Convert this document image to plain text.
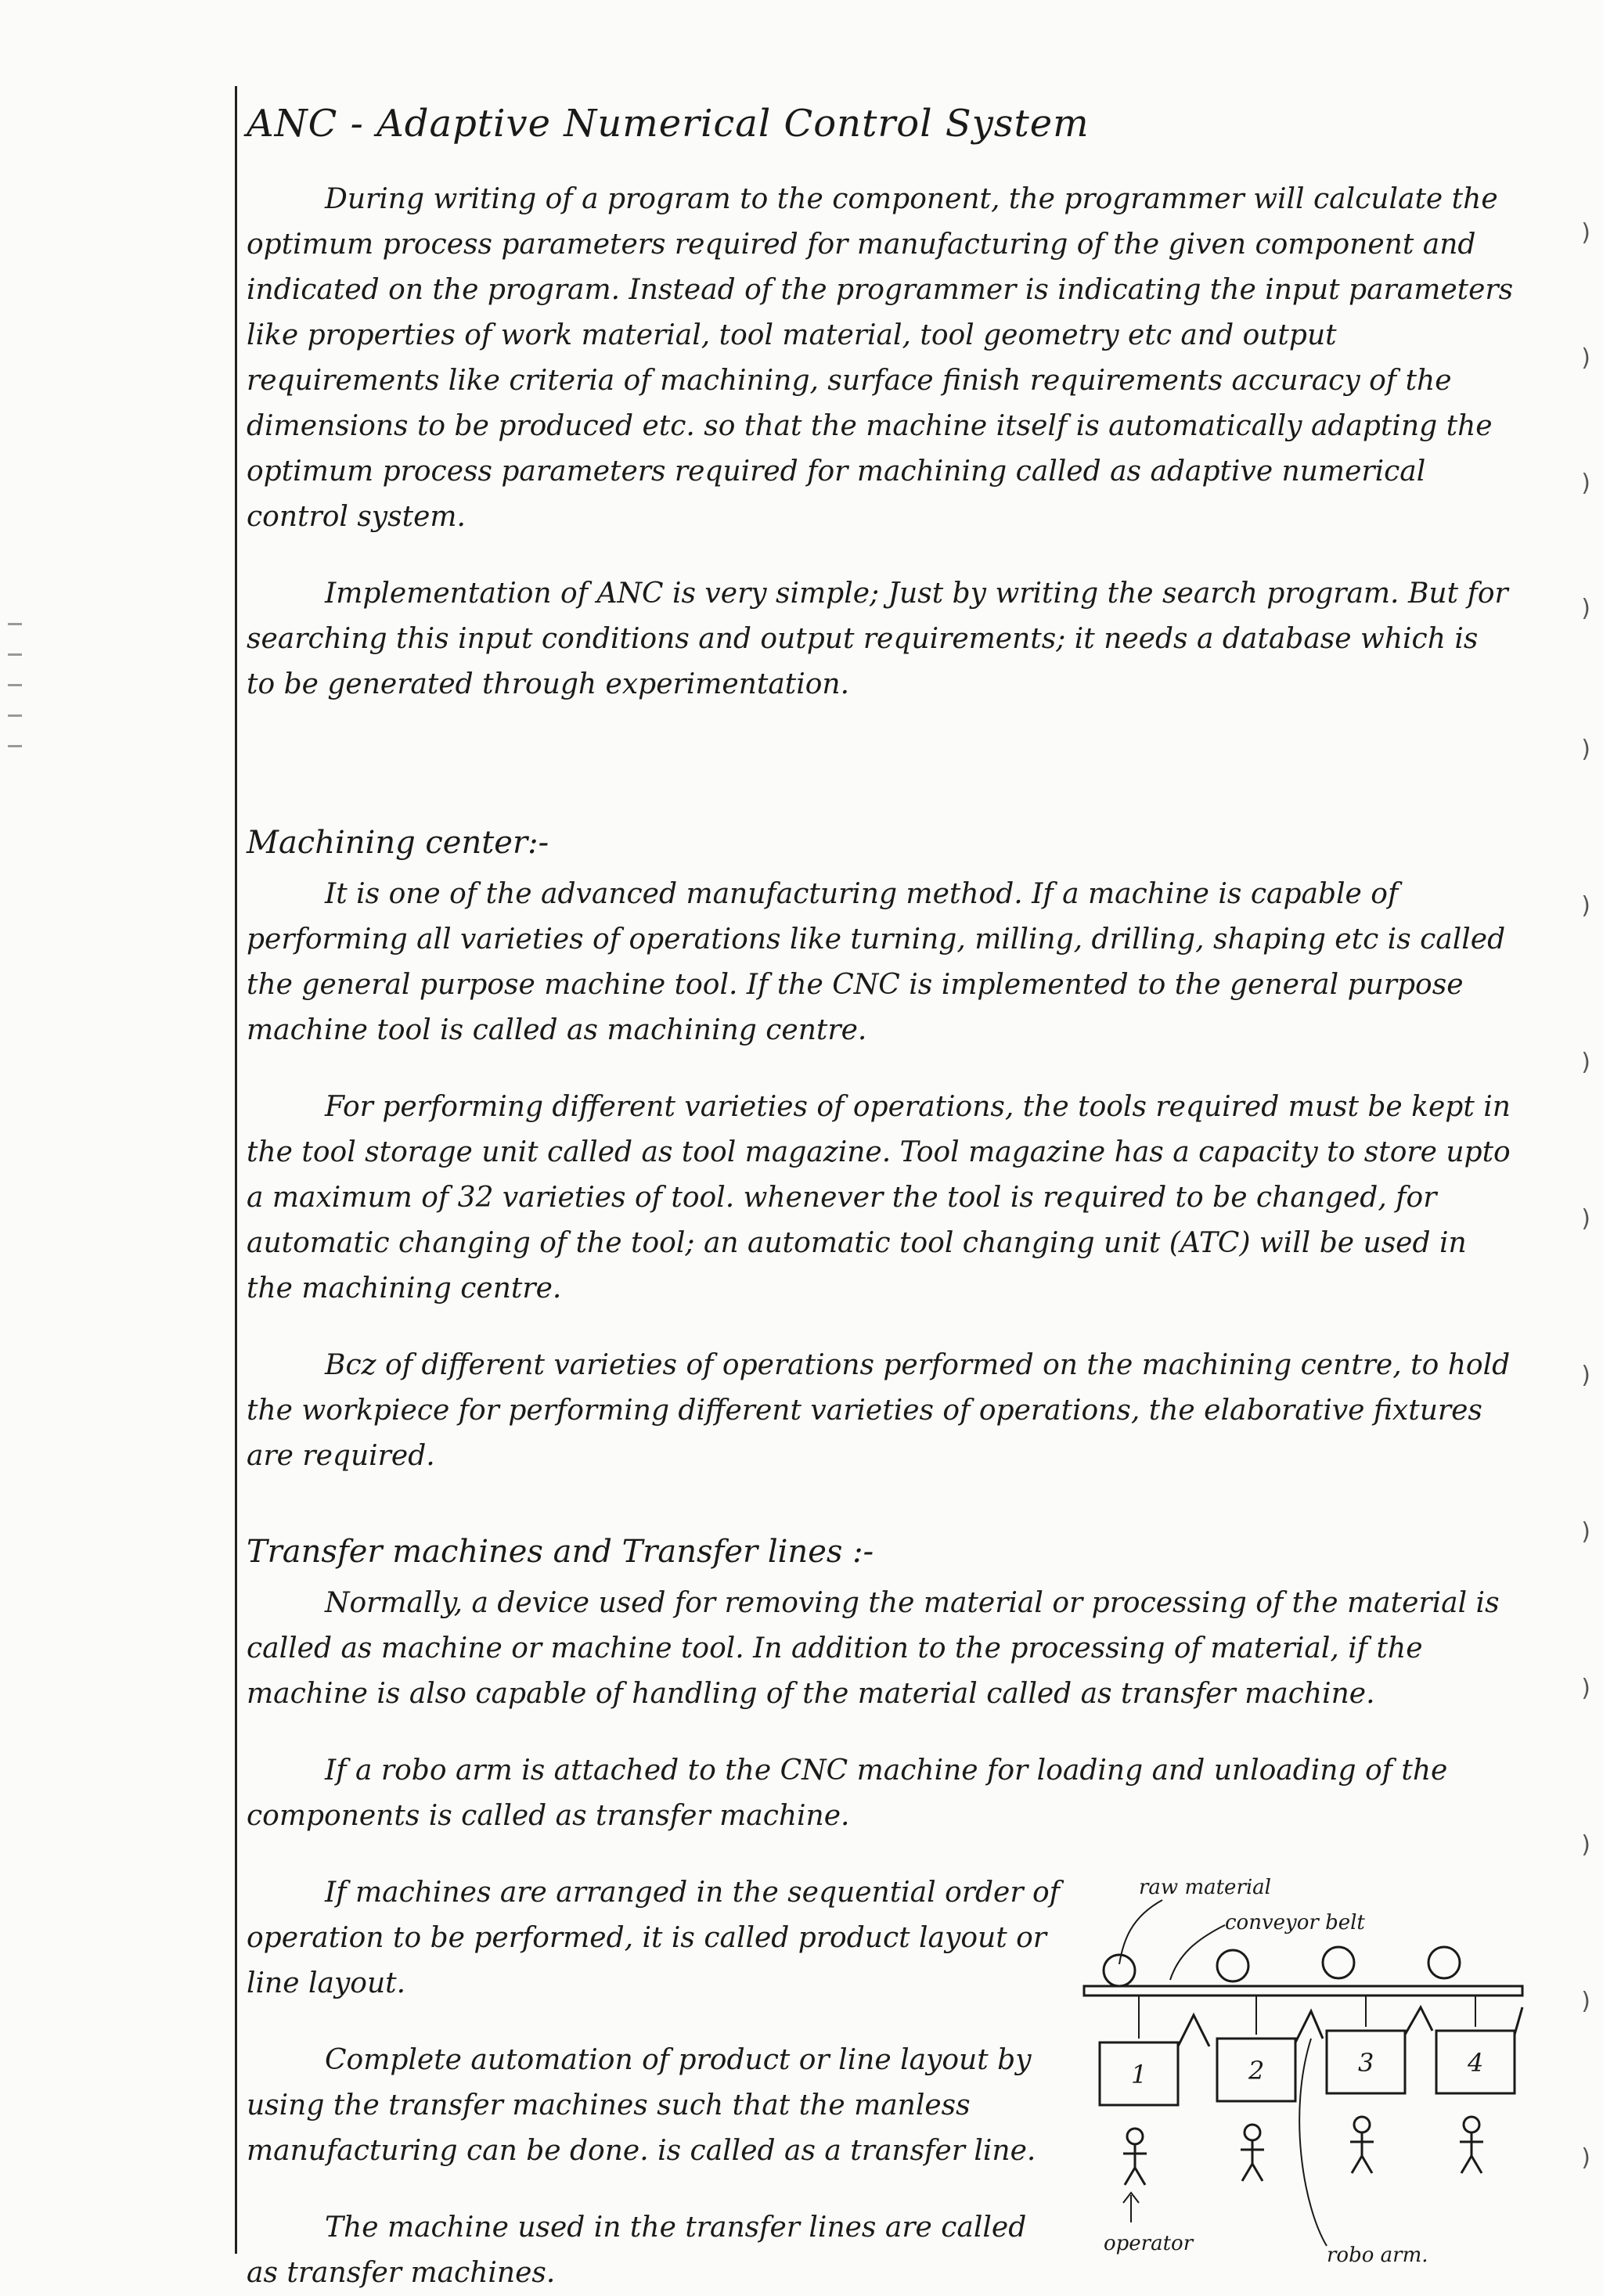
)
)
)
)
)
)
)
)
)
)
)
)
)
)
ANC - Adaptive Numerical Control System

During writing of a program to the component, the programmer will calculate the optimum process parameters required for manufacturing of the given component and indicated on the program. Instead of the programmer is indicating the input parameters like properties of work material, tool material, tool geometry etc and output requirements like criteria of machining, surface finish requirements accuracy of the dimensions to be produced etc. so that the machine itself is automatically adapting the optimum process parameters required for machining called as adaptive numerical control system.

Implementation of ANC is very simple; Just by writing the search program. But for searching this input conditions and output requirements; it needs a database which is to be generated through experimentation.

Machining center:-

It is one of the advanced manufacturing method. If a machine is capable of performing all varieties of operations like turning, milling, drilling, shaping etc is called the general purpose machine tool. If the CNC is implemented to the general purpose machine tool is called as machining centre.

For performing different varieties of operations, the tools required must be kept in the tool storage unit called as tool magazine. Tool magazine has a capacity to store upto a maximum of 32 varieties of tool. whenever the tool is required to be changed, for automatic changing of the tool; an automatic tool changing unit (ATC) will be used in the machining centre.

Bcz of different varieties of operations performed on the machining centre, to hold the workpiece for performing different varieties of operations, the elaborative fixtures are required.

Transfer machines and Transfer lines :-

Normally, a device used for removing the material or processing of the material is called as machine or machine tool. In addition to the processing of material, if the machine is also capable of handling of the material called as transfer machine.

If a robo arm is attached to the CNC machine for loading and unloading of the components is called as transfer machine.

If machines are arranged in the sequential order of operation to be performed, it is called product layout or line layout.

Complete automation of product or line layout by using the transfer machines such that the manless manufacturing can be done. is called as a transfer line.

The machine used in the transfer lines are called as transfer machines.

raw material
conveyor belt
1	2	3	4
operator	robo arm.
